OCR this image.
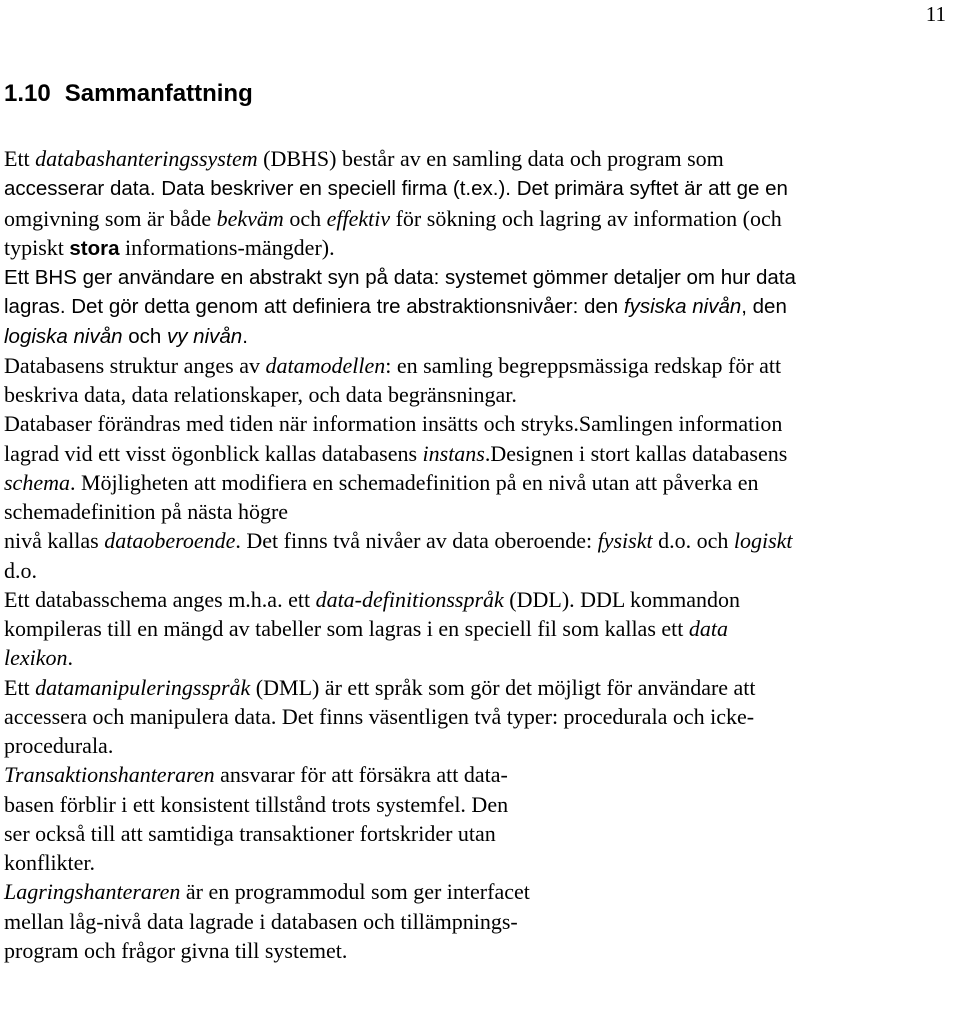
11
1.10 Sammanfattning

Ett databashanteringssystem (DBHS) består av en samling data och program som
accesserar data. Data beskriver en speciell firma (t.ex.). Det primära syftet är att ge en
omgivning som är både bekväm och effektiv för sökning och lagring av information (och
typiskt stora informations-mängder).

Ett BHS ger användare en abstrakt syn på data: systemet gömmer detaljer om hur data
lagras. Det gör detta genom att definiera tre abstraktionsnivåer: den fysiska nivån, den
logiska nivån och vy nivån.

Databasens struktur anges av datamodellen: en samling begreppsmässiga redskap för att
beskriva data, data relationskaper, och data begränsningar.

Databaser förändras med tiden när information insätts och stryks.Samlingen information
lagrad vid ett visst ögonblick kallas databasens instans.Designen i stort kallas databasens
schema. Möjligheten att modifiera en schemadefinition på en nivå utan att påverka en
schemadefinition på nästa högre
nivå kallas dataoberoende. Det finns två nivåer av data oberoende: fysiskt d.o. och logiskt
d.o.

Ett databasschema anges m.h.a. ett data-definitionsspråk (DDL). DDL kommandon
kompileras till en mängd av tabeller som lagras i en speciell fil som kallas ett data
lexikon.

Ett datamanipuleringsspråk (DML) är ett språk som gör det möjligt för användare att
accessera och manipulera data. Det finns väsentligen två typer: procedurala och icke-
procedurala.

Transaktionshanteraren ansvarar för att försäkra att data-
basen förblir i ett konsistent tillstånd trots systemfel. Den
ser också till att samtidiga transaktioner fortskrider utan
konflikter.

Lagringshanteraren är en programmodul som ger interfacet
mellan låg-nivå data lagrade i databasen och tillämpnings-
program och frågor givna till systemet.
